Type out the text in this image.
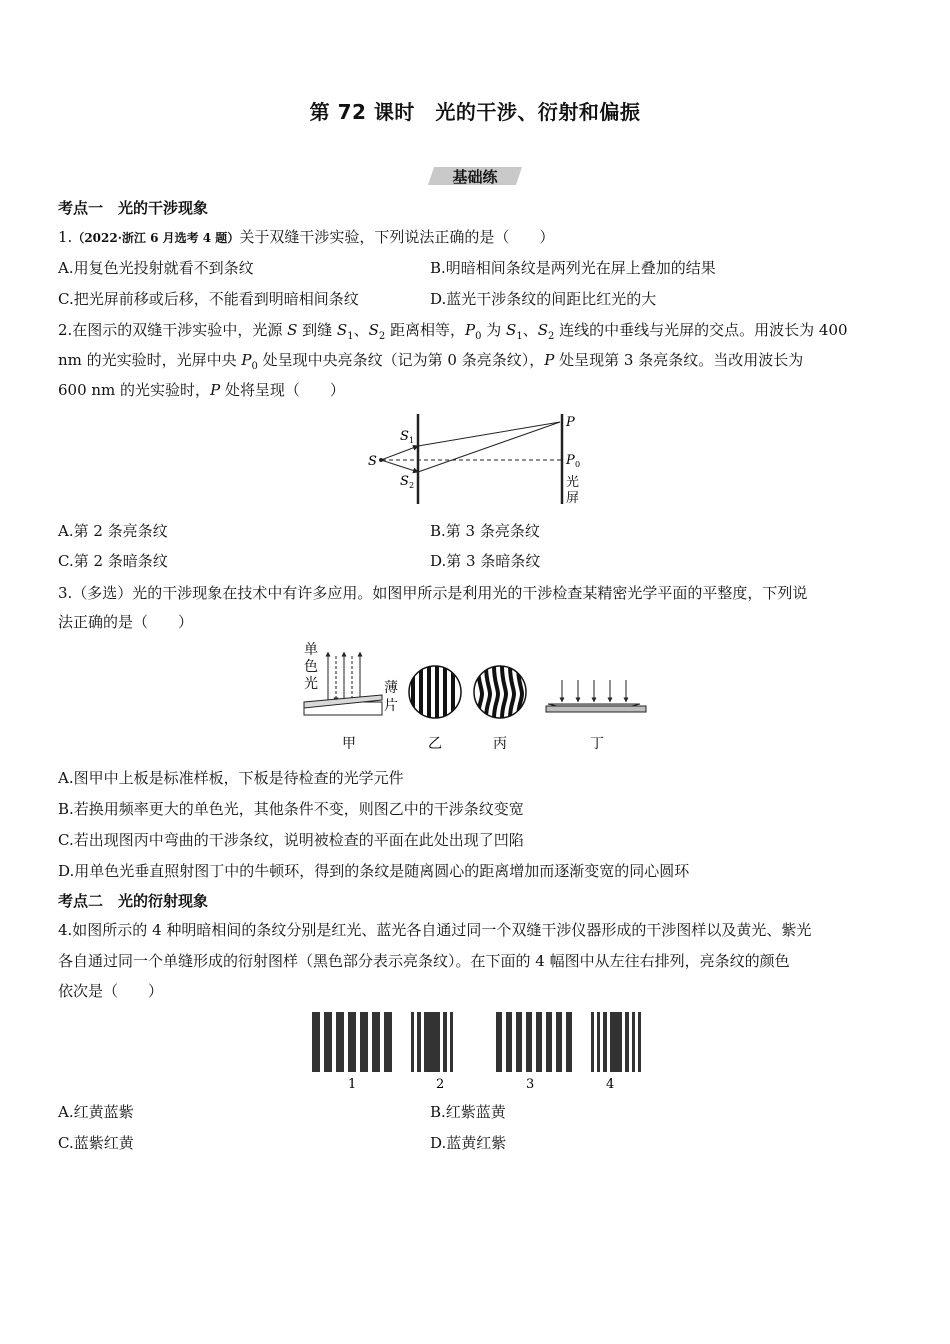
第 72 课时　光的干涉、衍射和偏振
基础练
考点一　光的干涉现象
1.（2022·浙江 6 月选考 4 题）关于双缝干涉实验，下列说法正确的是（　　）
A.用复色光投射就看不到条纹	B.明暗相间条纹是两列光在屏上叠加的结果
C.把光屏前移或后移，不能看到明暗相间条纹	D.蓝光干涉条纹的间距比红光的大
2.在图示的双缝干涉实验中，光源 S 到缝 $S_1$、$S_2$ 距离相等，$P_0$ 为 $S_1$、$S_2$ 连线的中垂线与光屏的交点。用波长为 400
nm 的光实验时，光屏中央 $P_0$ 处呈现中央亮条纹（记为第 0 条亮条纹），P 处呈现第 3 条亮条纹。当改用波长为
600 nm 的光实验时，P 处将呈现（　　）
S
S 1
S 2
P
P 0
光
屏
A.第 2 条亮条纹	B.第 3 条亮条纹
C.第 2 条暗条纹	D.第 3 条暗条纹
3.（多选）光的干涉现象在技术中有许多应用。如图甲所示是利用光的干涉检查某精密光学平面的平整度，下列说
法正确的是（　　）
单
色
光	薄
片
甲	乙	丙	丁
A.图甲中上板是标准样板，下板是待检查的光学元件
B.若换用频率更大的单色光，其他条件不变，则图乙中的干涉条纹变宽
C.若出现图丙中弯曲的干涉条纹，说明被检查的平面在此处出现了凹陷
D.用单色光垂直照射图丁中的牛顿环，得到的条纹是随离圆心的距离增加而逐渐变宽的同心圆环
考点二　光的衍射现象
4.如图所示的 4 种明暗相间的条纹分别是红光、蓝光各自通过同一个双缝干涉仪器形成的干涉图样以及黄光、紫光
各自通过同一个单缝形成的衍射图样（黑色部分表示亮条纹）。在下面的 4 幅图中从左往右排列，亮条纹的颜色
依次是（　　）
1	2	3	4
A.红黄蓝紫	B.红紫蓝黄
C.蓝紫红黄	D.蓝黄红紫
